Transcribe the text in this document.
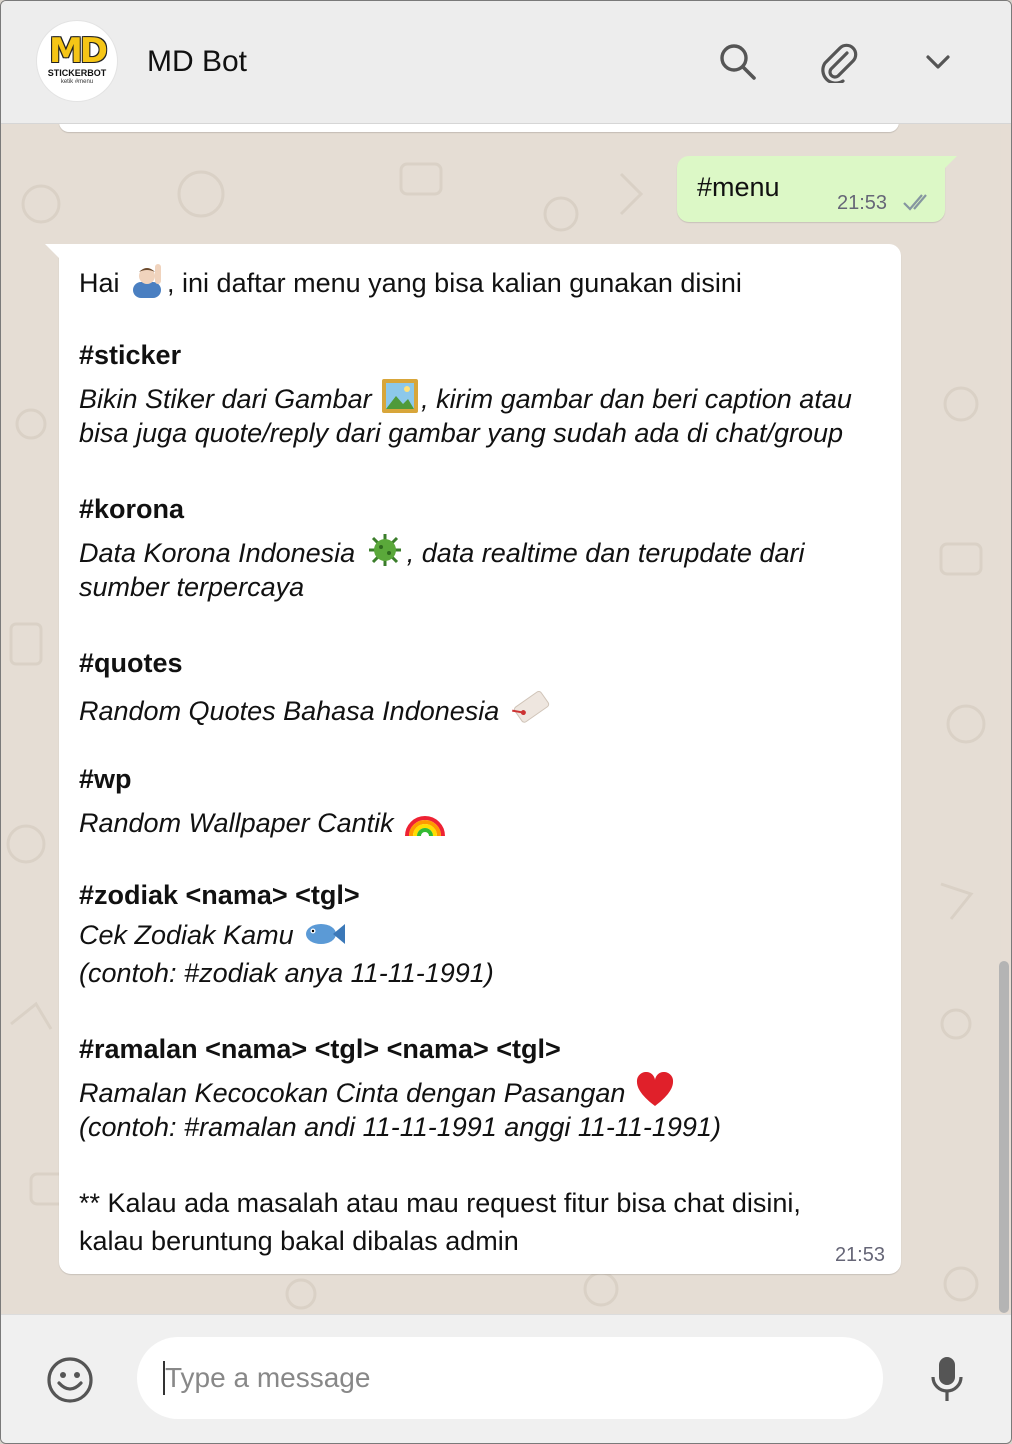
MD
STICKERBOT
ketik #menu
MD Bot
#menu
21:53
Hai , ini daftar menu yang bisa kalian gunakan disini
#sticker
Bikin Stiker dari Gambar , kirim gambar dan beri caption atau
bisa juga quote/reply dari gambar yang sudah ada di chat/group
#korona
Data Korona Indonesia , data realtime dan terupdate dari
sumber terpercaya
#quotes
Random Quotes Bahasa Indonesia
#wp
Random Wallpaper Cantik
#zodiak <nama> <tgl>
Cek Zodiak Kamu
(contoh: #zodiak anya 11-11-1991)
#ramalan <nama> <tgl> <nama> <tgl>
Ramalan Kecocokan Cinta dengan Pasangan
(contoh: #ramalan andi 11-11-1991 anggi 11-11-1991)
** Kalau ada masalah atau mau request fitur bisa chat disini,
kalau beruntung bakal dibalas admin	21:53
Type a message
